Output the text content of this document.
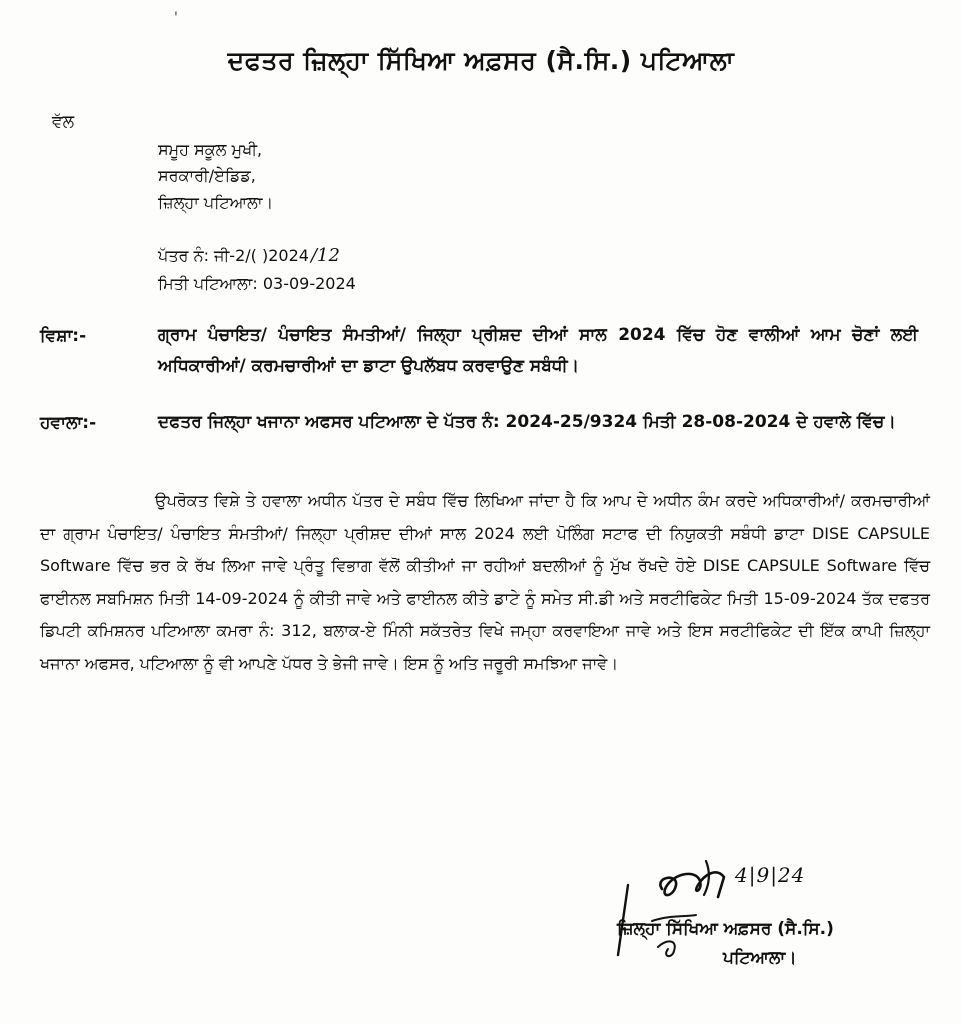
'
ਦਫਤਰ ਜ਼ਿਲ੍ਹਾ ਸਿੱਖਿਆ ਅਫ਼ਸਰ (ਸੈ.ਸਿ.) ਪਟਿਆਲਾ
ਵੱਲ
ਸਮੂਹ ਸਕੂਲ ਮੁਖੀ,
ਸਰਕਾਰੀ/ਏਡਿਡ,
ਜ਼ਿਲ੍ਹਾ ਪਟਿਆਲਾ।
ਪੱਤਰ ਨੰ: ਜੀ-2/( )2024 /12
ਮਿਤੀ ਪਟਿਆਲਾ: 03-09-2024
ਵਿਸ਼ਾ:-	ਗ੍ਰਾਮ ਪੰਚਾਇਤ/ ਪੰਚਾਇਤ ਸੰਮਤੀਆਂ/ ਜਿਲ੍ਹਾ ਪ੍ਰੀਸ਼ਦ ਦੀਆਂ ਸਾਲ 2024 ਵਿੱਚ ਹੋਣ ਵਾਲੀਆਂ ਆਮ ਚੋਣਾਂ ਲਈ ਅਧਿਕਾਰੀਆਂ/ ਕਰਮਚਾਰੀਆਂ ਦਾ ਡਾਟਾ ਉਪਲੱਬਧ ਕਰਵਾਉਣ ਸਬੰਧੀ।
ਹਵਾਲਾ:-	ਦਫਤਰ ਜਿਲ੍ਹਾ ਖਜਾਨਾ ਅਫਸਰ ਪਟਿਆਲਾ ਦੇ ਪੱਤਰ ਨੰ: 2024-25/9324 ਮਿਤੀ 28-08-2024 ਦੇ ਹਵਾਲੇ ਵਿੱਚ।
ਉਪਰੋਕਤ ਵਿਸ਼ੇ ਤੇ ਹਵਾਲਾ ਅਧੀਨ ਪੱਤਰ ਦੇ ਸਬੰਧ ਵਿੱਚ ਲਿਖਿਆ ਜਾਂਦਾ ਹੈ ਕਿ ਆਪ ਦੇ ਅਧੀਨ ਕੰਮ ਕਰਦੇ ਅਧਿਕਾਰੀਆਂ/ ਕਰਮਚਾਰੀਆਂ ਦਾ ਗ੍ਰਾਮ ਪੰਚਾਇਤ/ ਪੰਚਾਇਤ ਸੰਮਤੀਆਂ/ ਜਿਲ੍ਹਾ ਪ੍ਰੀਸ਼ਦ ਦੀਆਂ ਸਾਲ 2024 ਲਈ ਪੋਲਿੰਗ ਸਟਾਫ ਦੀ ਨਿਯੁਕਤੀ ਸਬੰਧੀ ਡਾਟਾ DISE CAPSULE Software ਵਿੱਚ ਭਰ ਕੇ ਰੱਖ ਲਿਆ ਜਾਵੇ ਪ੍ਰੰਤੂ ਵਿਭਾਗ ਵੱਲੋਂ ਕੀਤੀਆਂ ਜਾ ਰਹੀਆਂ ਬਦਲੀਆਂ ਨੂੰ ਮੁੱਖ ਰੱਖਦੇ ਹੋਏ DISE CAPSULE Software ਵਿੱਚ ਫਾਈਨਲ ਸਬਮਿਸ਼ਨ ਮਿਤੀ 14-09-2024 ਨੂੰ ਕੀਤੀ ਜਾਵੇ ਅਤੇ ਫਾਈਨਲ ਕੀਤੇ ਡਾਟੇ ਨੂੰ ਸਮੇਤ ਸੀ.ਡੀ ਅਤੇ ਸਰਟੀਫਿਕੇਟ ਮਿਤੀ 15-09-2024 ਤੱਕ ਦਫਤਰ ਡਿਪਟੀ ਕਮਿਸ਼ਨਰ ਪਟਿਆਲਾ ਕਮਰਾ ਨੰ: 312, ਬਲਾਕ-ਏ ਮਿੰਨੀ ਸਕੱਤਰੇਤ ਵਿਖੇ ਜਮ੍ਹਾ ਕਰਵਾਇਆ ਜਾਵੇ ਅਤੇ ਇਸ ਸਰਟੀਫਿਕੇਟ ਦੀ ਇੱਕ ਕਾਪੀ ਜ਼ਿਲ੍ਹਾ ਖਜਾਨਾ ਅਫਸਰ, ਪਟਿਆਲਾ ਨੂੰ ਵੀ ਆਪਣੇ ਪੱਧਰ ਤੇ ਭੇਜੀ ਜਾਵੇ। ਇਸ ਨੂੰ ਅਤਿ ਜਰੂਰੀ ਸਮਝਿਆ ਜਾਵੇ।
4|9|24
ਜ਼ਿਲ੍ਹਾ ਸਿੱਖਿਆ ਅਫ਼ਸਰ (ਸੈ.ਸਿ.)
ਪਟਿਆਲਾ।
